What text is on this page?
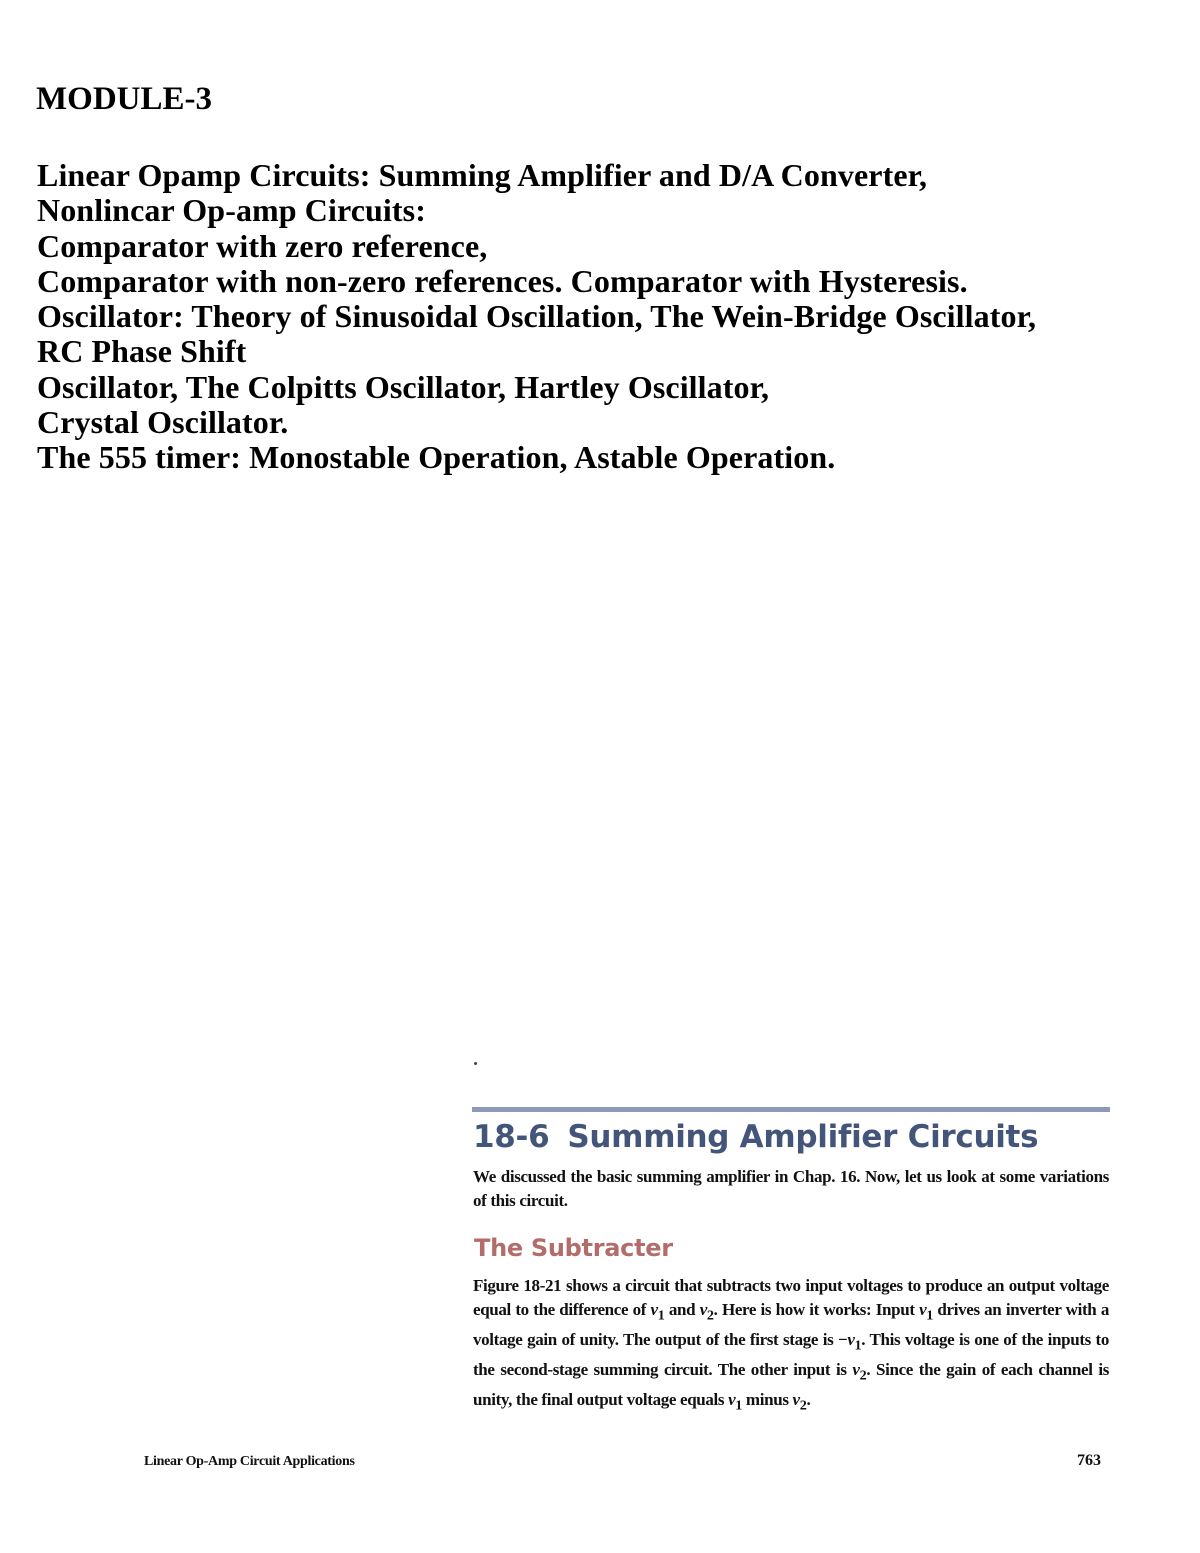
MODULE-3
Linear Opamp Circuits: Summing Amplifier and D/A Converter,
Nonlincar Op-amp Circuits:
Comparator with zero reference,
Comparator with non-zero references. Comparator with Hysteresis.
Oscillator: Theory of Sinusoidal Oscillation, The Wein-Bridge Oscillator,
RC Phase Shift
Oscillator, The Colpitts Oscillator, Hartley Oscillator,
Crystal Oscillator.
The 555 timer: Monostable Operation, Astable Operation.
18-6 Summing Amplifier Circuits

We discussed the basic summing amplifier in Chap. 16. Now, let us look at some variations of this circuit.

The Subtracter

Figure 18-21 shows a circuit that subtracts two input voltages to produce an output voltage equal to the difference of $v_1$ and $v_2$. Here is how it works: Input $v_1$ drives an inverter with a voltage gain of unity. The output of the first stage is $-v_1$. This voltage is one of the inputs to the second-stage summing circuit. The other input is $v_2$. Since the gain of each channel is unity, the final output voltage equals $v_1$ minus $v_2$.

Linear Op-Amp Circuit Applications	763
